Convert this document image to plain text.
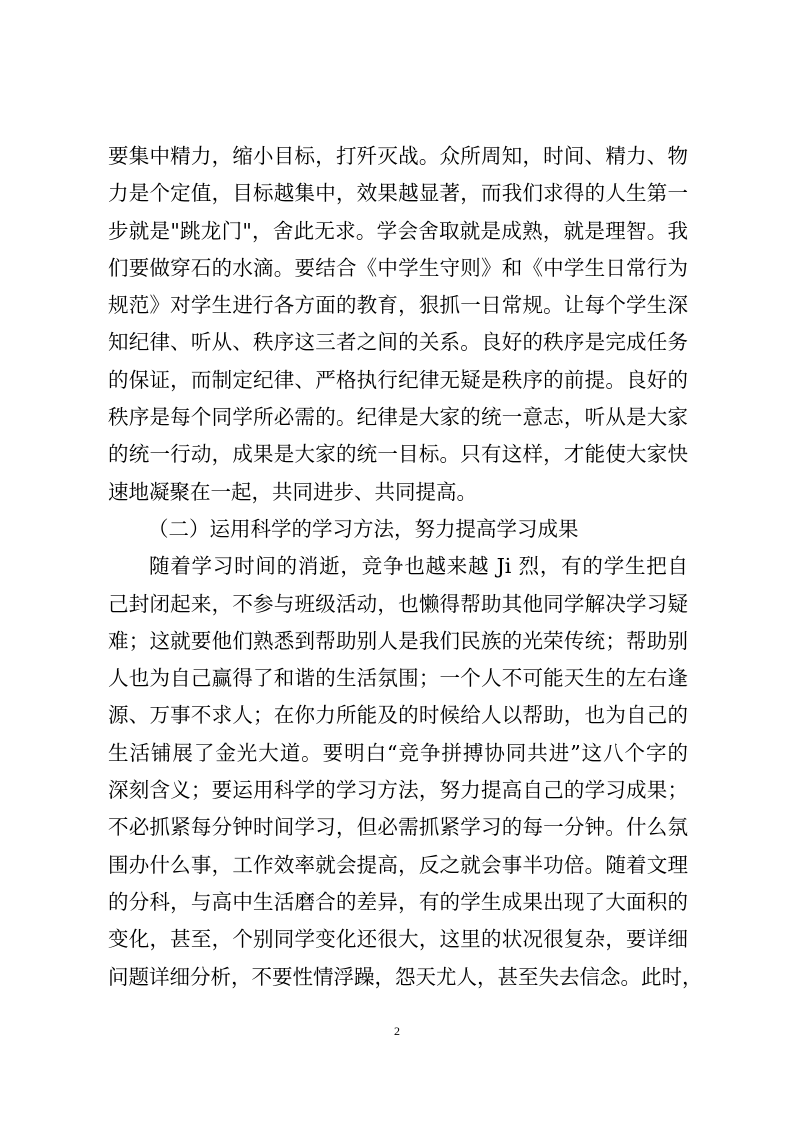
要集中精力，缩小目标，打歼灭战。众所周知，时间、精力、物
力是个定值，目标越集中，效果越显著，而我们求得的人生第一
步就是"跳龙门"，舍此无求。学会舍取就是成熟，就是理智。我
们要做穿石的水滴。要结合《中学生守则》和《中学生日常行为
规范》对学生进行各方面的教育，狠抓一日常规。让每个学生深
知纪律、听从、秩序这三者之间的关系。良好的秩序是完成任务
的保证，而制定纪律、严格执行纪律无疑是秩序的前提。良好的
秩序是每个同学所必需的。纪律是大家的统一意志，听从是大家
的统一行动，成果是大家的统一目标。只有这样，才能使大家快
速地凝聚在一起，共同进步、共同提高。
（二）运用科学的学习方法，努力提高学习成果
随着学习时间的消逝，竞争也越来越 Ji 烈，有的学生把自
己封闭起来，不参与班级活动，也懒得帮助其他同学解决学习疑
难；这就要他们熟悉到帮助别人是我们民族的光荣传统；帮助别
人也为自己赢得了和谐的生活氛围；一个人不可能天生的左右逢
源、万事不求人；在你力所能及的时候给人以帮助，也为自己的
生活铺展了金光大道。要明白“竞争拼搏协同共进”这八个字的
深刻含义；要运用科学的学习方法，努力提高自己的学习成果；
不必抓紧每分钟时间学习，但必需抓紧学习的每一分钟。什么氛
围办什么事，工作效率就会提高，反之就会事半功倍。随着文理
的分科，与高中生活磨合的差异，有的学生成果出现了大面积的
变化，甚至，个别同学变化还很大，这里的状况很复杂，要详细
问题详细分析，不要性情浮躁，怨天尤人，甚至失去信念。此时，
2
